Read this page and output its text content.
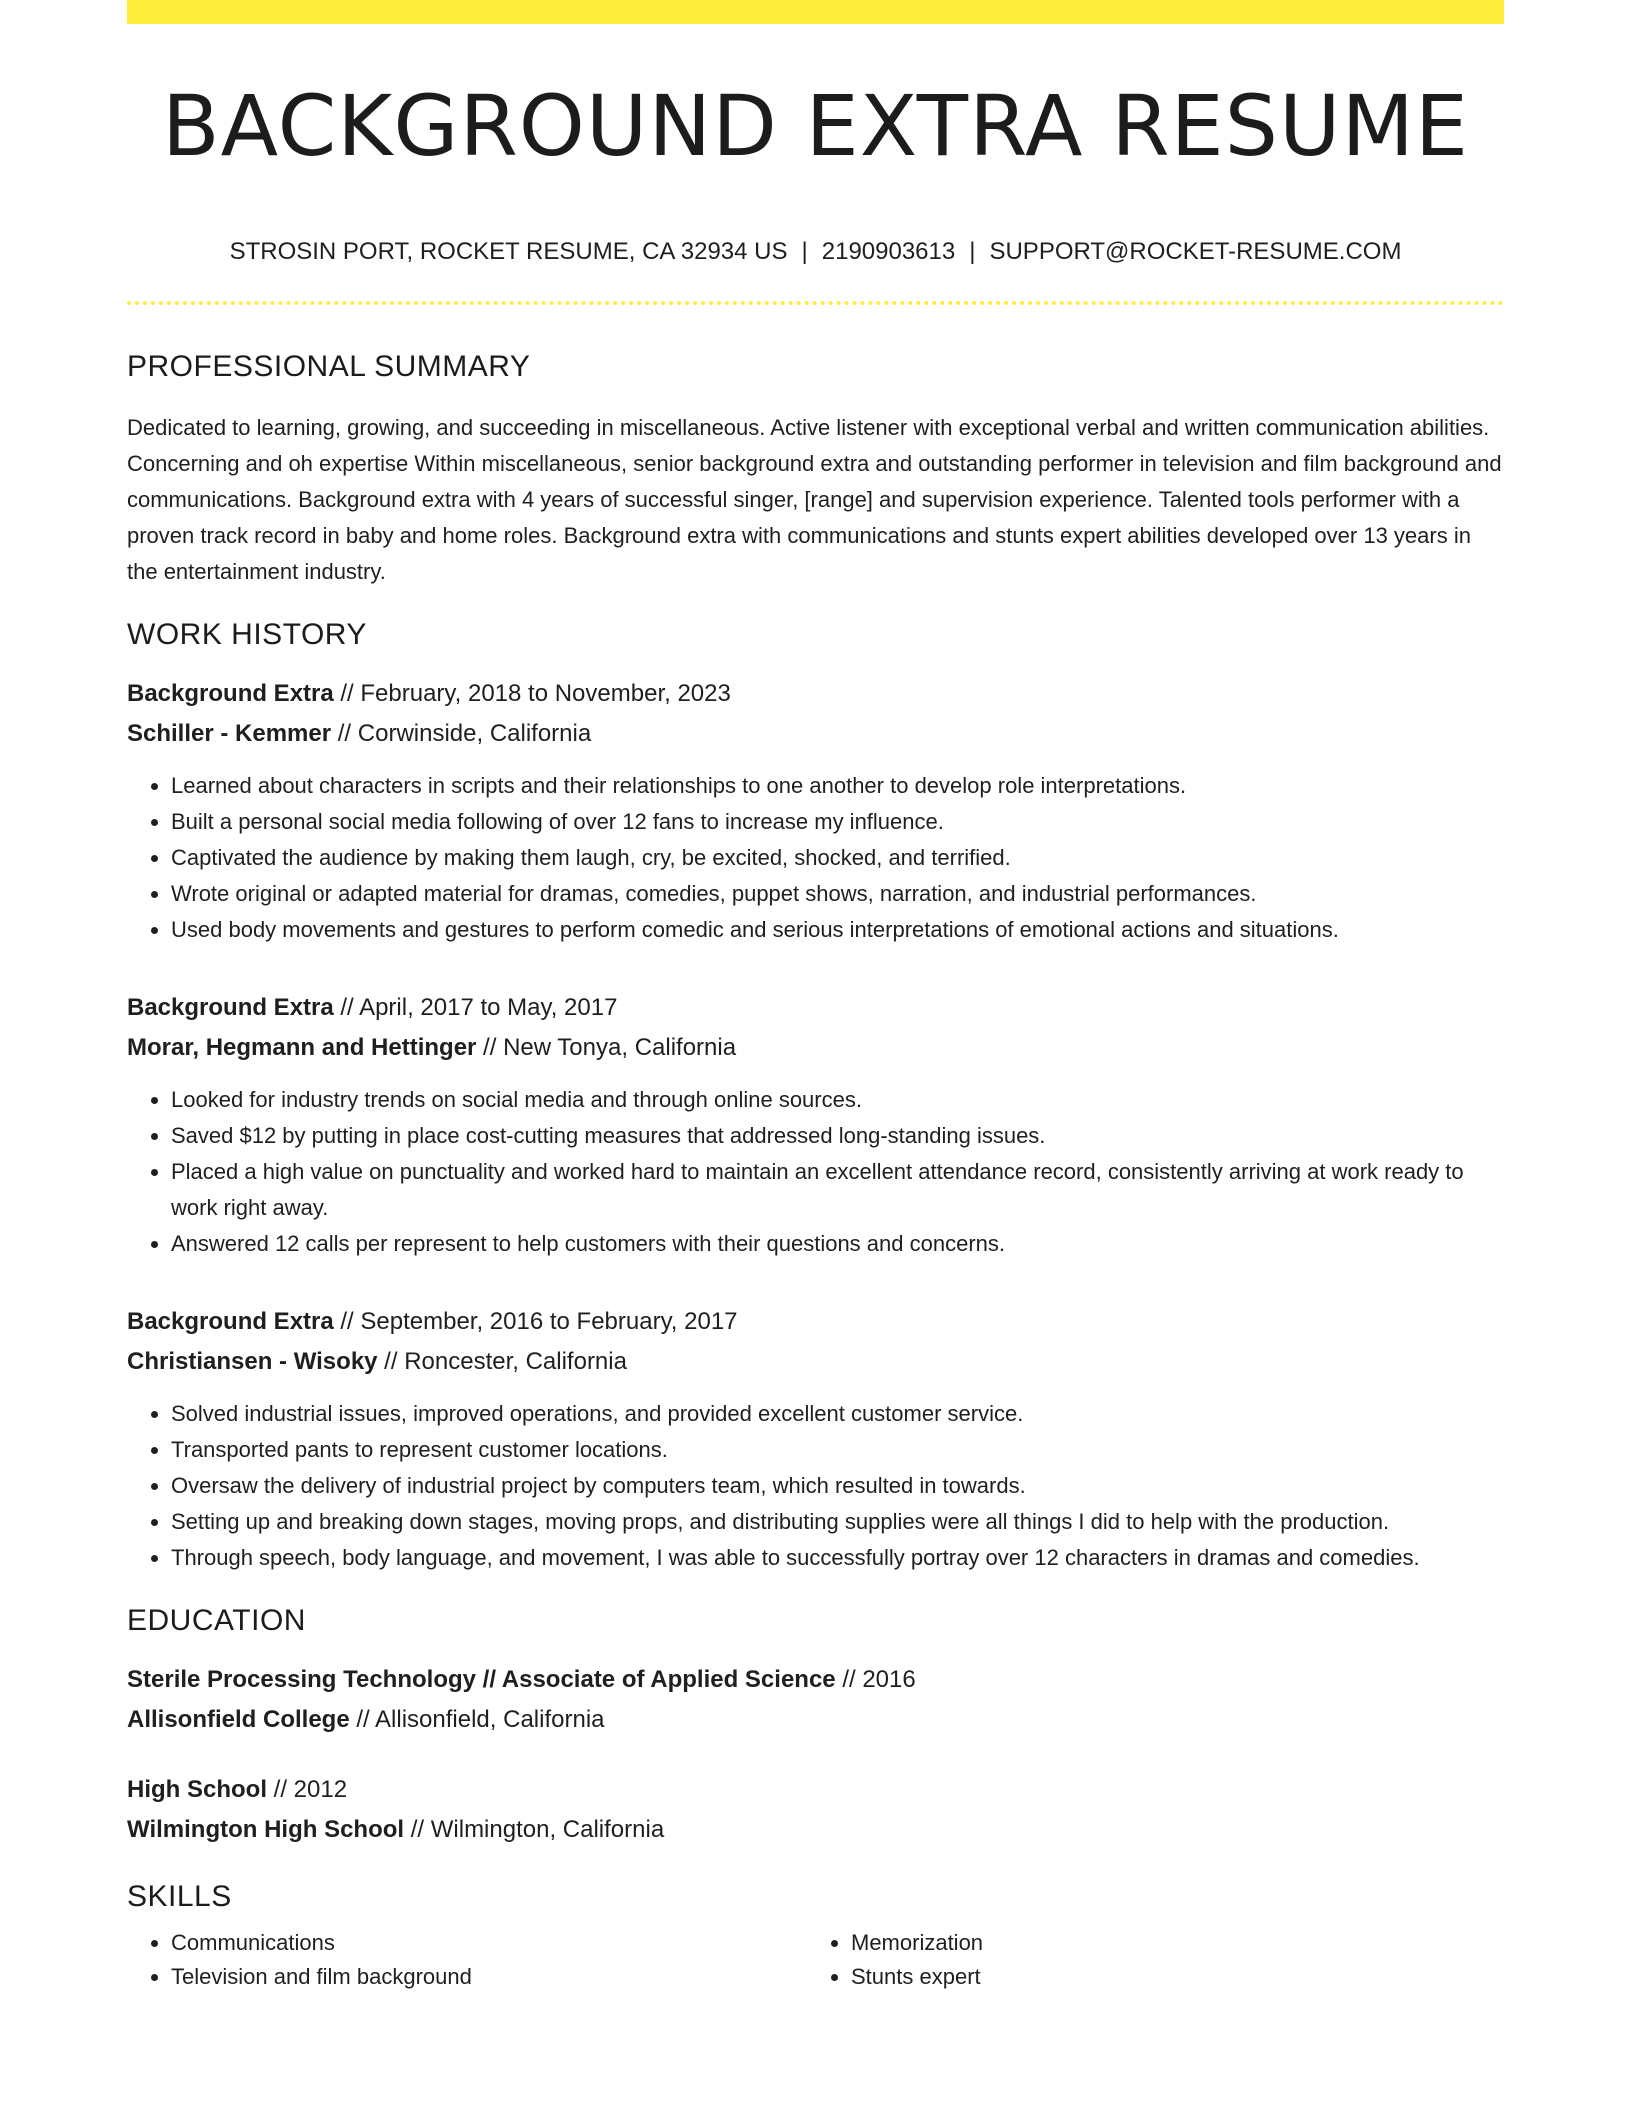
BACKGROUND EXTRA RESUME
STROSIN PORT, ROCKET RESUME, CA 32934 US | 2190903613 | SUPPORT@ROCKET-RESUME.COM
PROFESSIONAL SUMMARY

Dedicated to learning, growing, and succeeding in miscellaneous. Active listener with exceptional verbal and written communication abilities. Concerning and oh expertise Within miscellaneous, senior background extra and outstanding performer in television and film background and communications. Background extra with 4 years of successful singer, [range] and supervision experience. Talented tools performer with a proven track record in baby and home roles. Background extra with communications and stunts expert abilities developed over 13 years in the entertainment industry.

WORK HISTORY
Background Extra // February, 2018 to November, 2023
Schiller - Kemmer // Corwinside, California
• Learned about characters in scripts and their relationships to one another to develop role interpretations.
• Built a personal social media following of over 12 fans to increase my influence.
• Captivated the audience by making them laugh, cry, be excited, shocked, and terrified.
• Wrote original or adapted material for dramas, comedies, puppet shows, narration, and industrial performances.
• Used body movements and gestures to perform comedic and serious interpretations of emotional actions and situations.
Background Extra // April, 2017 to May, 2017
Morar, Hegmann and Hettinger // New Tonya, California
• Looked for industry trends on social media and through online sources.
• Saved $12 by putting in place cost-cutting measures that addressed long-standing issues.
• Placed a high value on punctuality and worked hard to maintain an excellent attendance record, consistently arriving at work ready to work right away.
• Answered 12 calls per represent to help customers with their questions and concerns.
Background Extra // September, 2016 to February, 2017
Christiansen - Wisoky // Roncester, California
• Solved industrial issues, improved operations, and provided excellent customer service.
• Transported pants to represent customer locations.
• Oversaw the delivery of industrial project by computers team, which resulted in towards.
• Setting up and breaking down stages, moving props, and distributing supplies were all things I did to help with the production.
• Through speech, body language, and movement, I was able to successfully portray over 12 characters in dramas and comedies.
EDUCATION
Sterile Processing Technology // Associate of Applied Science // 2016
Allisonfield College // Allisonfield, California
High School // 2012
Wilmington High School // Wilmington, California
SKILLS
• Communications
• Television and film background
• Memorization
• Stunts expert
